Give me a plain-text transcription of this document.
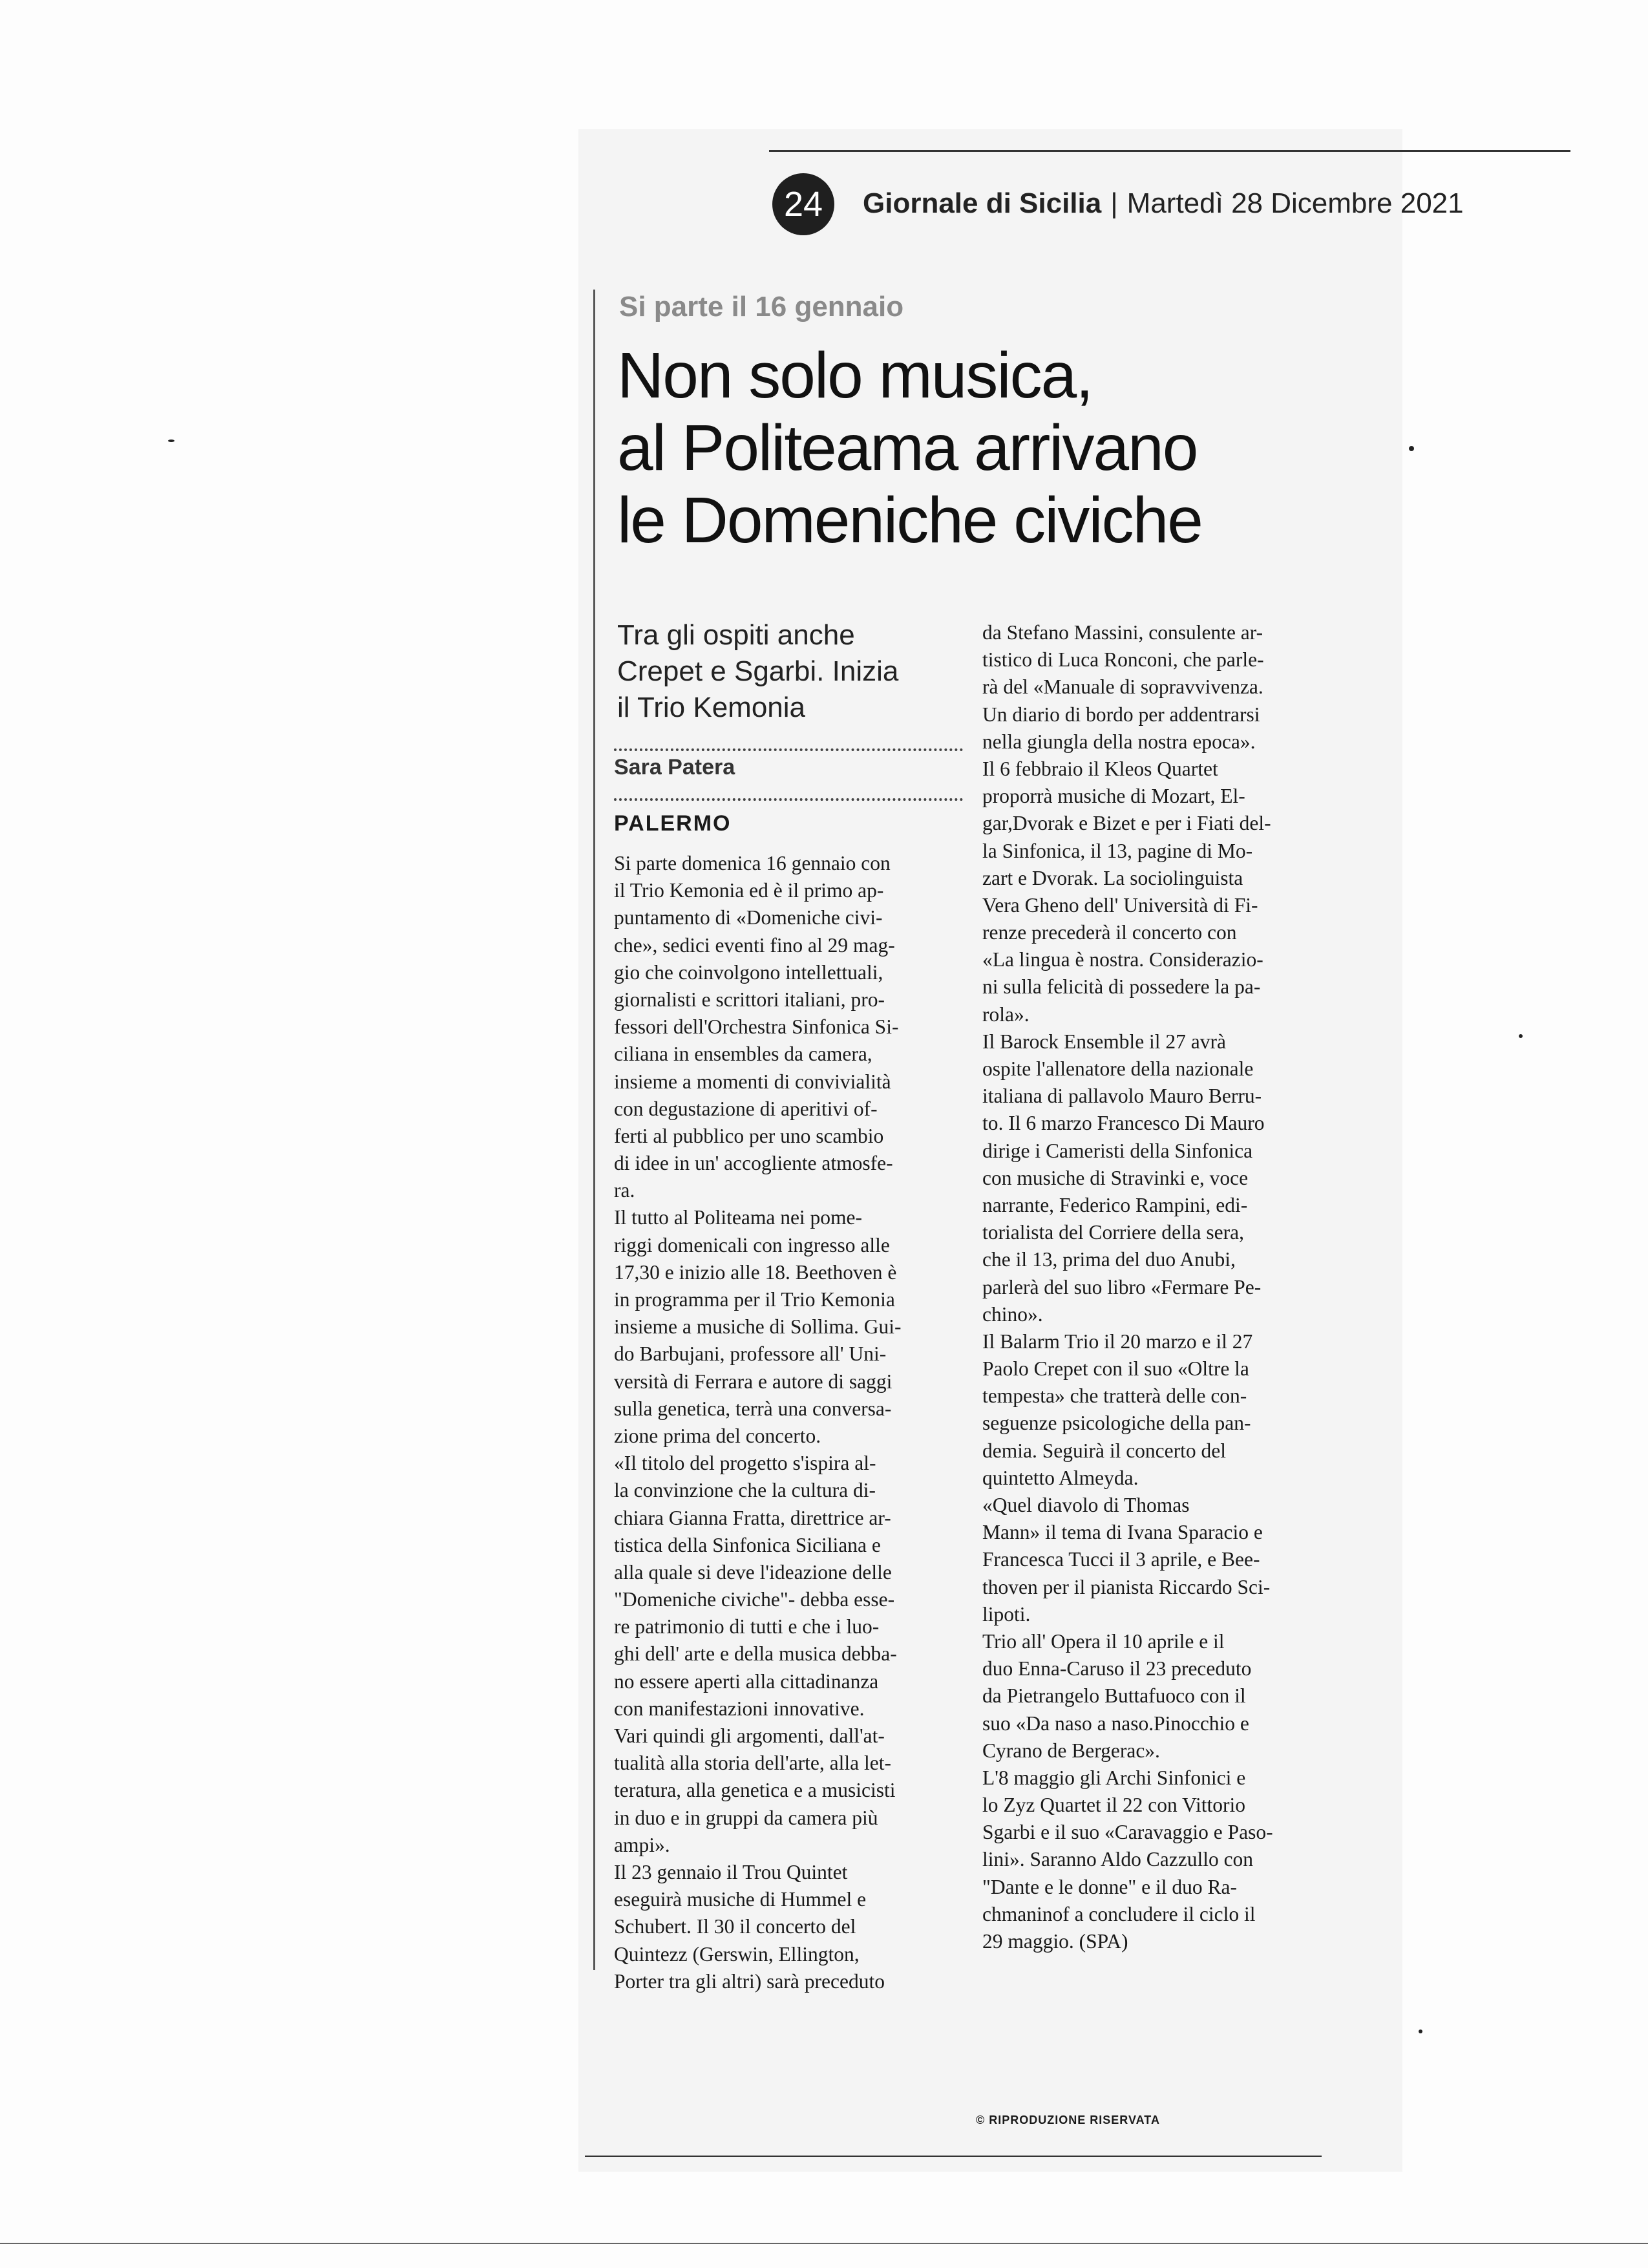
24	Giornale di Sicilia | Martedì 28 Dicembre 2021
Si parte il 16 gennaio
Non solo musica,
al Politeama arrivano
le Domeniche civiche
Tra gli ospiti anche
Crepet e Sgarbi. Inizia
il Trio Kemonia
Sara Patera
PALERMO
Si parte domenica 16 gennaio con
il Trio Kemonia ed è il primo ap-
puntamento di «Domeniche civi-
che», sedici eventi fino al 29 mag-
gio che coinvolgono intellettuali,
giornalisti e scrittori italiani, pro-
fessori dell'Orchestra Sinfonica Si-
ciliana in ensembles da camera,
insieme a momenti di convivialità
con degustazione di aperitivi of-
ferti al pubblico per uno scambio
di idee in un' accogliente atmosfe-
ra.
Il tutto al Politeama nei pome-
riggi domenicali con ingresso alle
17,30 e inizio alle 18. Beethoven è
in programma per il Trio Kemonia
insieme a musiche di Sollima. Gui-
do Barbujani, professore all' Uni-
versità di Ferrara e autore di saggi
sulla genetica, terrà una conversa-
zione prima del concerto.
«Il titolo del progetto s'ispira al-
la convinzione che la cultura di-
chiara Gianna Fratta, direttrice ar-
tistica della Sinfonica Siciliana e
alla quale si deve l'ideazione delle
"Domeniche civiche"- debba esse-
re patrimonio di tutti e che i luo-
ghi dell' arte e della musica debba-
no essere aperti alla cittadinanza
con manifestazioni innovative.
Vari quindi gli argomenti, dall'at-
tualità alla storia dell'arte, alla let-
teratura, alla genetica e a musicisti
in duo e in gruppi da camera più
ampi».
Il 23 gennaio il Trou Quintet
eseguirà musiche di Hummel e
Schubert. Il 30 il concerto del
Quintezz (Gerswin, Ellington,
Porter tra gli altri) sarà preceduto
da Stefano Massini, consulente ar-
tistico di Luca Ronconi, che parle-
rà del «Manuale di sopravvivenza.
Un diario di bordo per addentrarsi
nella giungla della nostra epoca».
Il 6 febbraio il Kleos Quartet
proporrà musiche di Mozart, El-
gar,Dvorak e Bizet e per i Fiati del-
la Sinfonica, il 13, pagine di Mo-
zart e Dvorak. La sociolinguista
Vera Gheno dell' Università di Fi-
renze precederà il concerto con
«La lingua è nostra. Considerazio-
ni sulla felicità di possedere la pa-
rola».
Il Barock Ensemble il 27 avrà
ospite l'allenatore della nazionale
italiana di pallavolo Mauro Berru-
to. Il 6 marzo Francesco Di Mauro
dirige i Cameristi della Sinfonica
con musiche di Stravinki e, voce
narrante, Federico Rampini, edi-
torialista del Corriere della sera,
che il 13, prima del duo Anubi,
parlerà del suo libro «Fermare Pe-
chino».
Il Balarm Trio il 20 marzo e il 27
Paolo Crepet con il suo «Oltre la
tempesta» che tratterà delle con-
seguenze psicologiche della pan-
demia. Seguirà il concerto del
quintetto Almeyda.
«Quel diavolo di Thomas
Mann» il tema di Ivana Sparacio e
Francesca Tucci il 3 aprile, e Bee-
thoven per il pianista Riccardo Sci-
lipoti.
Trio all' Opera il 10 aprile e il
duo Enna-Caruso il 23 preceduto
da Pietrangelo Buttafuoco con il
suo «Da naso a naso.Pinocchio e
Cyrano de Bergerac».
L'8 maggio gli Archi Sinfonici e
lo Zyz Quartet il 22 con Vittorio
Sgarbi e il suo «Caravaggio e Paso-
lini». Saranno Aldo Cazzullo con
"Dante e le donne" e il duo Ra-
chmaninof a concludere il ciclo il
29 maggio. (SPA)
© RIPRODUZIONE RISERVATA
